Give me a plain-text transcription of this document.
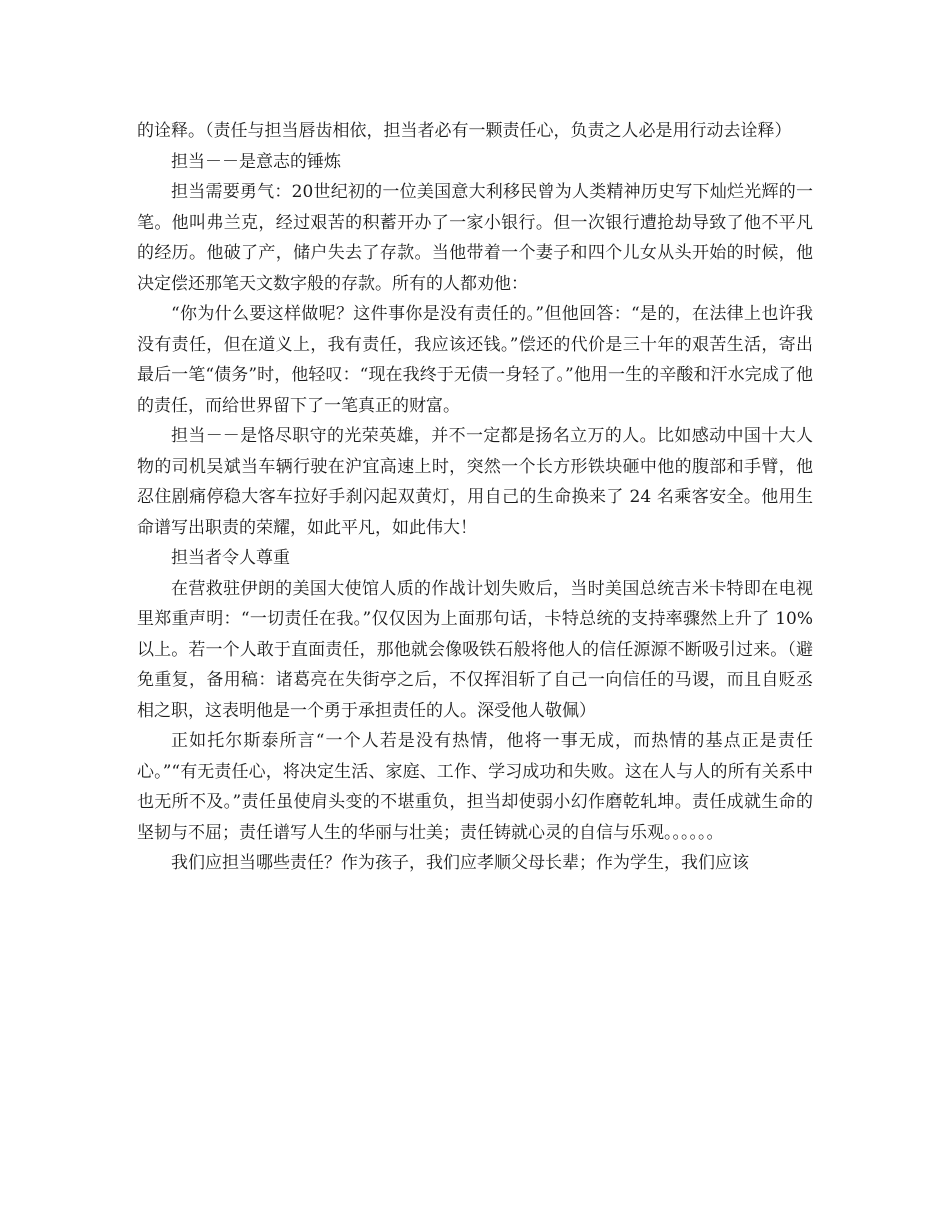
的诠释。（责任与担当唇齿相依，担当者必有一颗责任心，负责之人必是用行动去诠释）

担当－－是意志的锤炼

担当需要勇气：20世纪初的一位美国意大利移民曾为人类精神历史写下灿烂光辉的一笔。他叫弗兰克，经过艰苦的积蓄开办了一家小银行。但一次银行遭抢劫导致了他不平凡的经历。他破了产，储户失去了存款。当他带着一个妻子和四个儿女从头开始的时候，他决定偿还那笔天文数字般的存款。所有的人都劝他：

“你为什么要这样做呢？这件事你是没有责任的。”但他回答：“是的，在法律上也许我没有责任，但在道义上，我有责任，我应该还钱。”偿还的代价是三十年的艰苦生活，寄出最后一笔“债务”时，他轻叹：“现在我终于无债一身轻了。”他用一生的辛酸和汗水完成了他的责任，而给世界留下了一笔真正的财富。

担当－－是恪尽职守的光荣英雄，并不一定都是扬名立万的人。比如感动中国十大人物的司机吴斌当车辆行驶在沪宜高速上时，突然一个长方形铁块砸中他的腹部和手臂，他忍住剧痛停稳大客车拉好手刹闪起双黄灯，用自己的生命换来了 24 名乘客安全。他用生命谱写出职责的荣耀，如此平凡，如此伟大！

担当者令人尊重

在营救驻伊朗的美国大使馆人质的作战计划失败后，当时美国总统吉米卡特即在电视里郑重声明：“一切责任在我。”仅仅因为上面那句话，卡特总统的支持率骤然上升了 10%以上。若一个人敢于直面责任，那他就会像吸铁石般将他人的信任源源不断吸引过来。（避免重复，备用稿：诸葛亮在失街亭之后，不仅挥泪斩了自己一向信任的马谡，而且自贬丞相之职，这表明他是一个勇于承担责任的人。深受他人敬佩）

正如托尔斯泰所言“一个人若是没有热情，他将一事无成，而热情的基点正是责任心。”“有无责任心，将决定生活、家庭、工作、学习成功和失败。这在人与人的所有关系中也无所不及。”责任虽使肩头变的不堪重负，担当却使弱小幻作磨乾轧坤。责任成就生命的坚韧与不屈；责任谱写人生的华丽与壮美；责任铸就心灵的自信与乐观。。。。。。

我们应担当哪些责任？作为孩子，我们应孝顺父母长辈；作为学生，我们应该
